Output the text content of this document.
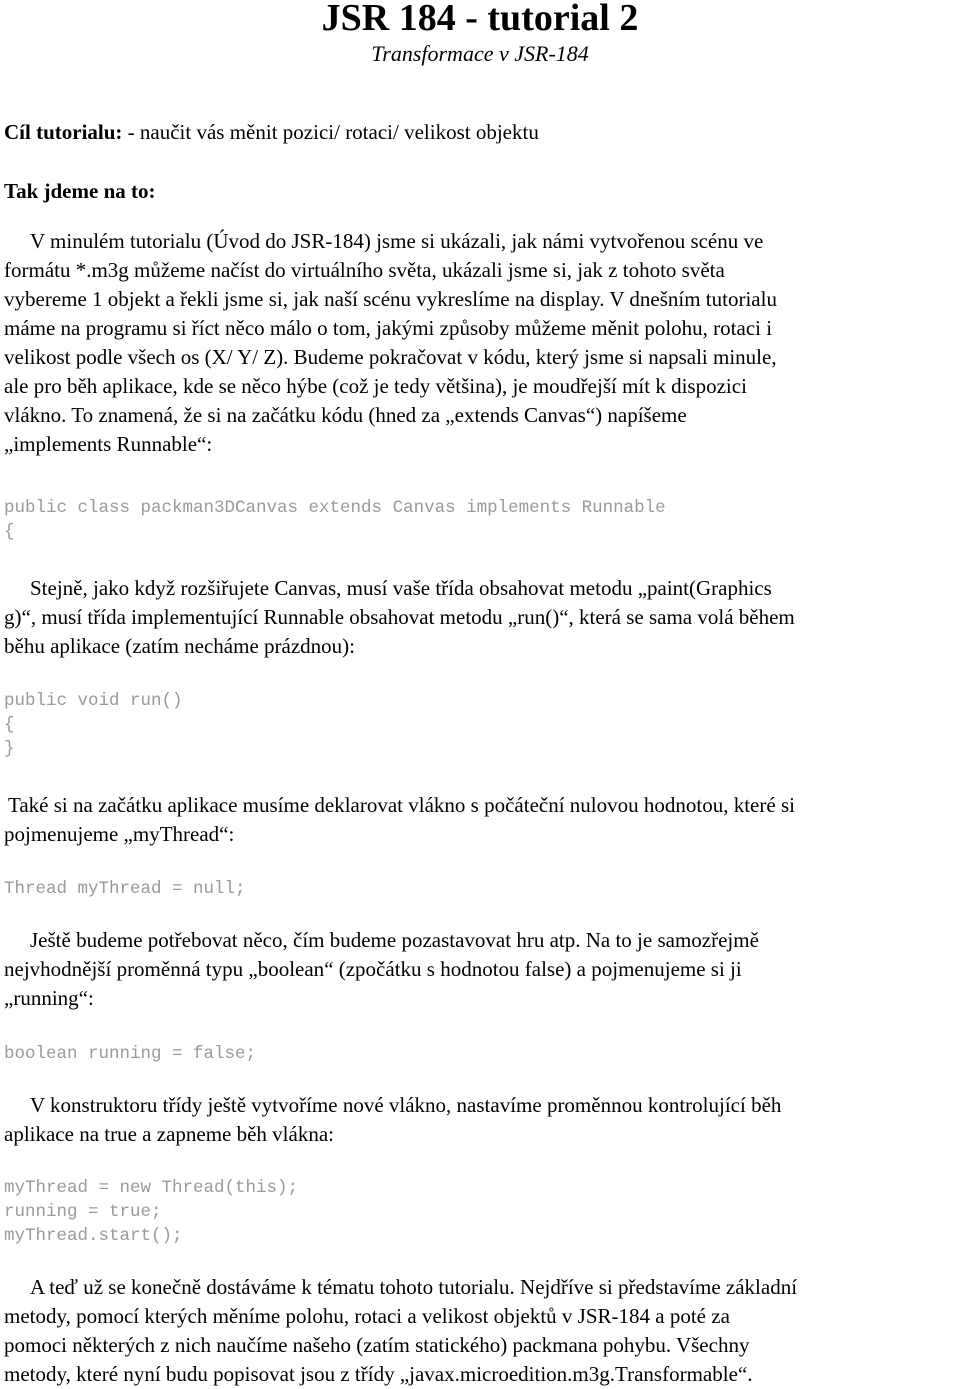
JSR 184 - tutorial 2
Transformace v JSR-184
Cíl tutorialu: - naučit vás měnit pozici/ rotaci/ velikost objektu
Tak jdeme na to:
V minulém tutorialu (Úvod do JSR-184) jsme si ukázali, jak námi vytvořenou scénu ve
formátu *.m3g můžeme načíst do virtuálního světa, ukázali jsme si, jak z tohoto světa
vybereme 1 objekt a řekli jsme si, jak naší scénu vykreslíme na display. V dnešním tutorialu
máme na programu si říct něco málo o tom, jakými způsoby můžeme měnit polohu, rotaci i
velikost podle všech os (X/ Y/ Z). Budeme pokračovat v kódu, který jsme si napsali minule,
ale pro běh aplikace, kde se něco hýbe (což je tedy většina), je moudřejší mít k dispozici
vlákno. To znamená, že si na začátku kódu (hned za „extends Canvas“) napíšeme
„implements Runnable“:
public class packman3DCanvas extends Canvas implements Runnable
{
Stejně, jako když rozšiřujete Canvas, musí vaše třída obsahovat metodu „paint(Graphics
g)“, musí třída implementující Runnable obsahovat metodu „run()“, která se sama volá během
běhu aplikace (zatím necháme prázdnou):
public void run()
{
}
Také si na začátku aplikace musíme deklarovat vlákno s počáteční nulovou hodnotou, které si
pojmenujeme „myThread“:
Thread myThread = null;
Ještě budeme potřebovat něco, čím budeme pozastavovat hru atp. Na to je samozřejmě
nejvhodnější proměnná typu „boolean“ (zpočátku s hodnotou false) a pojmenujeme si ji
„running“:
boolean running = false;
V konstruktoru třídy ještě vytvoříme nové vlákno, nastavíme proměnnou kontrolující běh
aplikace na true a zapneme běh vlákna:
myThread = new Thread(this);
running = true;
myThread.start();
A teď už se konečně dostáváme k tématu tohoto tutorialu. Nejdříve si představíme základní
metody, pomocí kterých měníme polohu, rotaci a velikost objektů v JSR-184 a poté za
pomoci některých z nich naučíme našeho (zatím statického) packmana pohybu. Všechny
metody, které nyní budu popisovat jsou z třídy „javax.microedition.m3g.Transformable“.
